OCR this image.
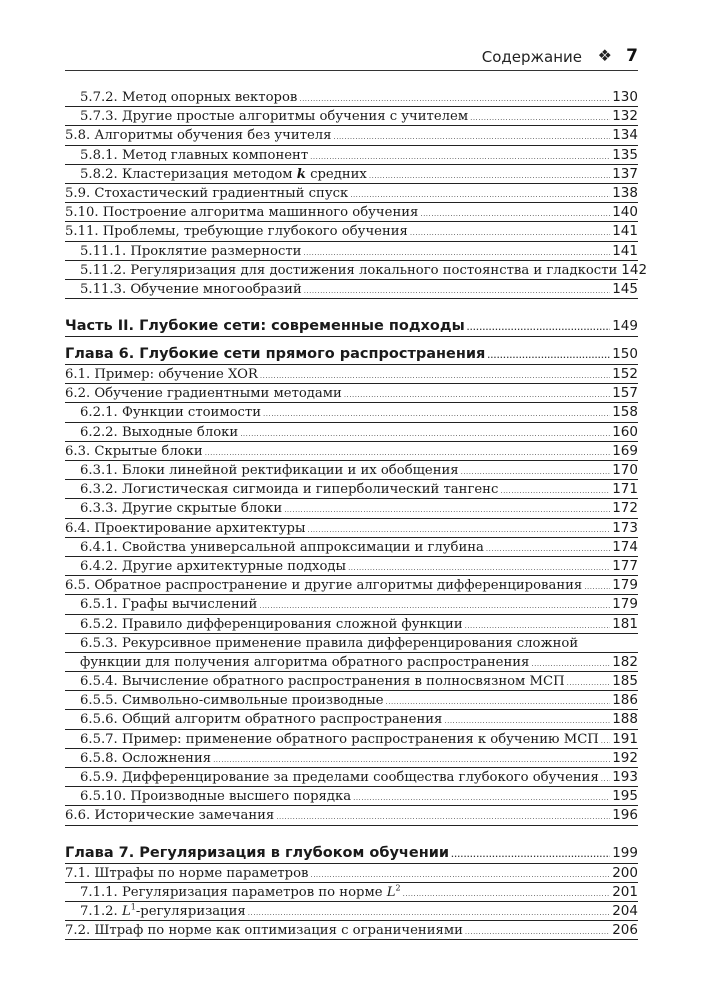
Содержание ❖ 7
5.7.2. Метод опорных векторов .....	130
5.7.3. Другие простые алгоритмы обучения с учителем .....	132
5.8. Алгоритмы обучения без учителя .....	134
5.8.1. Метод главных компонент .....	135
5.8.2. Кластеризация методом k средних .....	137
5.9. Стохастический градиентный спуск .....	138
5.10. Построение алгоритма машинного обучения .....	140
5.11. Проблемы, требующие глубокого обучения .....	141
5.11.1. Проклятие размерности .....	141
5.11.2. Регуляризация для достижения локального постоянства и гладкости 142
5.11.3. Обучение многообразий .....	145
Часть II. Глубокие сети: современные подходы .....	149
Глава 6. Глубокие сети прямого распространения .....	150
6.1. Пример: обучение XOR .....	152
6.2. Обучение градиентными методами .....	157
6.2.1. Функции стоимости .....	158
6.2.2. Выходные блоки .....	160
6.3. Скрытые блоки .....	169
6.3.1. Блоки линейной ректификации и их обобщения .....	170
6.3.2. Логистическая сигмоида и гиперболический тангенс .....	171
6.3.3. Другие скрытые блоки .....	172
6.4. Проектирование архитектуры .....	173
6.4.1. Свойства универсальной аппроксимации и глубина .....	174
6.4.2. Другие архитектурные подходы .....	177
6.5. Обратное распространение и другие алгоритмы дифференцирования ..... 179
6.5.1. Графы вычислений .....	179
6.5.2. Правило дифференцирования сложной функции .....	181
6.5.3. Рекурсивное применение правила дифференцирования сложной
функции для получения алгоритма обратного распространения .....	182
6.5.4. Вычисление обратного распространения в полносвязном МСП .....	185
6.5.5. Символьно-символьные производные .....	186
6.5.6. Общий алгоритм обратного распространения .....	188
6.5.7. Пример: применение обратного распространения к обучению МСП ..... 191
6.5.8. Осложнения .....	192
6.5.9. Дифференцирование за пределами сообщества глубокого обучения ..... 193
6.5.10. Производные высшего порядка .....	195
6.6. Исторические замечания .....	196
Глава 7. Регуляризация в глубоком обучении .....	199
7.1. Штрафы по норме параметров .....	200
7.1.1. Регуляризация параметров по норме $L^2$ .....	201
7.1.2. $L^1$-регуляризация .....	204
7.2. Штраф по норме как оптимизация с ограничениями .....	206
